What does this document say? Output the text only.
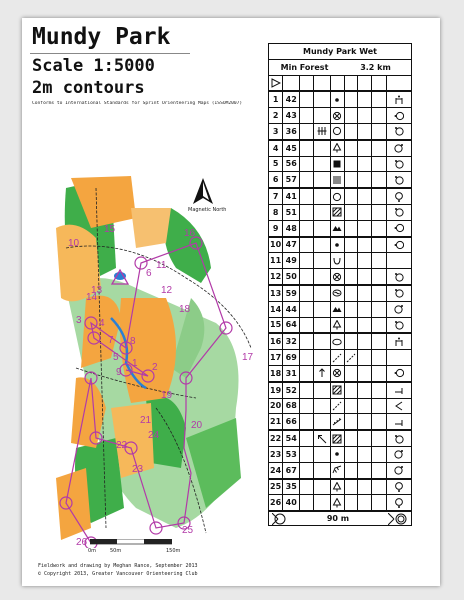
Mundy Park
Scale 1:5000
2m contours
Conforms to International Standards for Sprint Orienteering Maps (ISSOM2007)
1 2
3 4
5
6
7 8
9
10
11
12
13
14
15	16
17
18
19
20
21
22
23
24
25
26
Magnetic North
0m	50m	150m
Fieldwork and drawing by Meghan Rance, September 2013
© Copyright 2013, Greater Vancouver Orienteering Club
Mundy Park Wet
Min Forest	3.2 km
1 42
2 43
3 36
4 45
5 56
6 57
7 41
8 51
9 48
10 47
11 49
12 50
13 59
14 44
15 64
16 32
17 69
18 31
19 52
20 68
21 66
22 54
23 53
24 67
25 35
26 40
90 m
